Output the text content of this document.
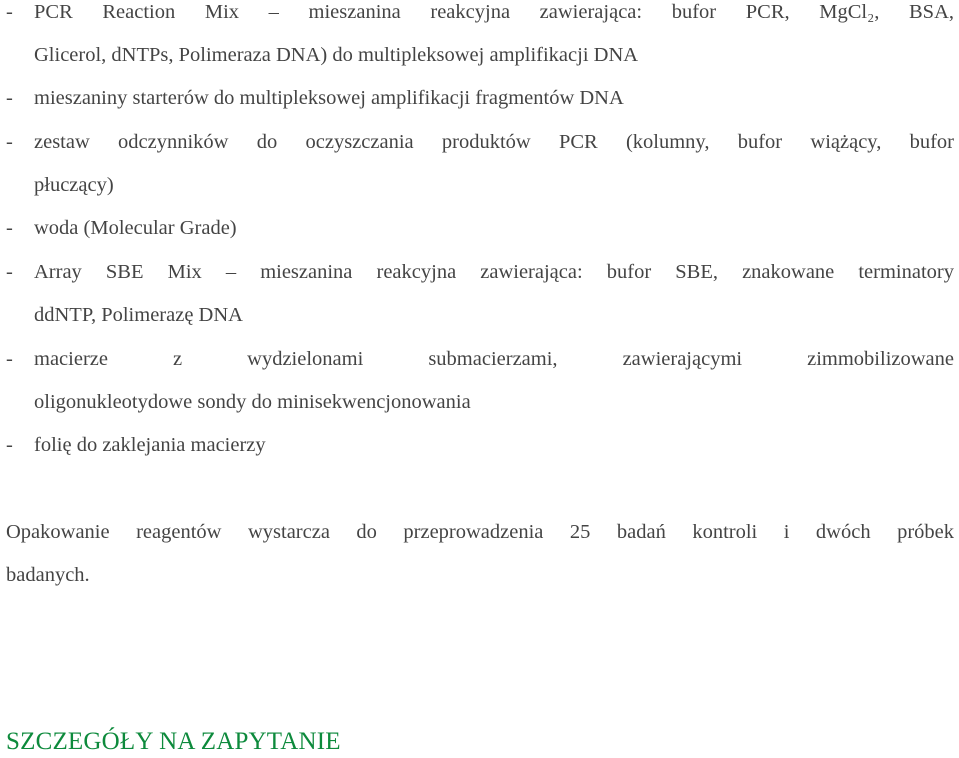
- PCR Reaction Mix – mieszanina reakcyjna zawierająca: bufor PCR, MgCl₂, BSA,
Glicerol, dNTPs, Polimeraza DNA) do multipleksowej amplifikacji DNA
- mieszaniny starterów do multipleksowej amplifikacji fragmentów DNA
- zestaw odczynników do oczyszczania produktów PCR (kolumny, bufor wiążący, bufor
płuczący)
- woda (Molecular Grade)
- Array SBE Mix – mieszanina reakcyjna zawierająca: bufor SBE, znakowane terminatory
ddNTP, Polimerazę DNA
- macierze z wydzielonami submacierzami, zawierającymi zimmobilizowane
oligonukleotydowe sondy do minisekwencjonowania
- folię do zaklejania macierzy
Opakowanie reagentów wystarcza do przeprowadzenia 25 badań kontroli i dwóch próbek
badanych.
SZCZEGÓŁY NA ZAPYTANIE
